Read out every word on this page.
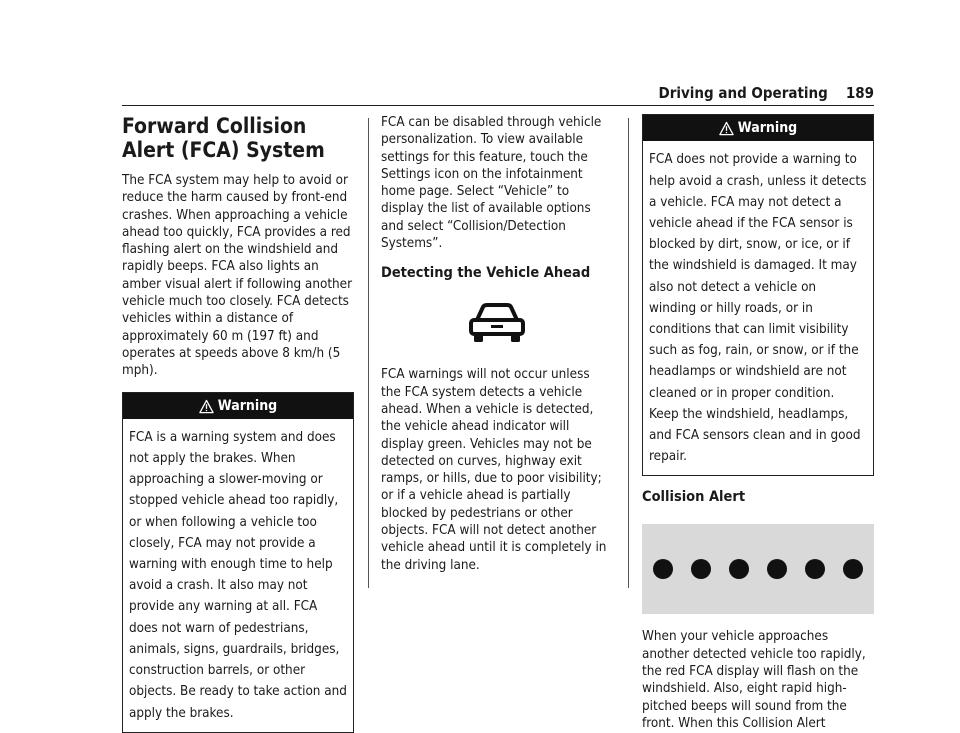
Driving and Operating 189
Forward Collision Alert (FCA) System

The FCA system may help to avoid or reduce the harm caused by front-end crashes. When approaching a vehicle ahead too quickly, FCA provides a red flashing alert on the windshield and rapidly beeps. FCA also lights an amber visual alert if following another vehicle much too closely. FCA detects vehicles within a distance of approximately 60 m (197 ft) and operates at speeds above 8 km/h (5 mph).

Warning
FCA is a warning system and does not apply the brakes. When approaching a slower-moving or stopped vehicle ahead too rapidly, or when following a vehicle too closely, FCA may not provide a warning with enough time to help avoid a crash. It also may not provide any warning at all. FCA does not warn of pedestrians, animals, signs, guardrails, bridges, construction barrels, or other objects. Be ready to take action and apply the brakes.

FCA can be disabled through vehicle personalization. To view available settings for this feature, touch the Settings icon on the infotainment home page. Select “Vehicle” to display the list of available options and select “Collision/Detection Systems”.

Detecting the Vehicle Ahead

FCA warnings will not occur unless the FCA system detects a vehicle ahead. When a vehicle is detected, the vehicle ahead indicator will display green. Vehicles may not be detected on curves, highway exit ramps, or hills, due to poor visibility; or if a vehicle ahead is partially blocked by pedestrians or other objects. FCA will not detect another vehicle ahead until it is completely in the driving lane.

Warning
FCA does not provide a warning to help avoid a crash, unless it detects a vehicle. FCA may not detect a vehicle ahead if the FCA sensor is blocked by dirt, snow, or ice, or if the windshield is damaged. It may also not detect a vehicle on winding or hilly roads, or in conditions that can limit visibility such as fog, rain, or snow, or if the headlamps or windshield are not cleaned or in proper condition. Keep the windshield, headlamps, and FCA sensors clean and in good repair.
Collision Alert

When your vehicle approaches another detected vehicle too rapidly, the red FCA display will flash on the windshield. Also, eight rapid high-pitched beeps will sound from the front. When this Collision Alert
